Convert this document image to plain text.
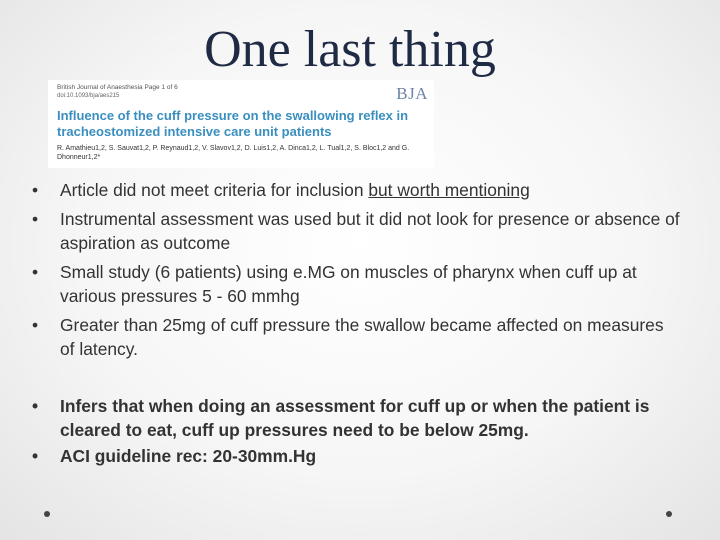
One last thing
British Journal of Anaesthesia Page 1 of 6
doi:10.1093/bja/aes215	BJA
Influence of the cuff pressure on the swallowing reflex in tracheostomized intensive care unit patients
R. Amathieu1,2, S. Sauvat1,2, P. Reynaud1,2, V. Slavov1,2, D. Luis1,2, A. Dinca1,2, L. Tual1,2, S. Bloc1,2 and G. Dhonneur1,2*
• Article did not meet criteria for inclusion but worth mentioning
• Instrumental assessment was used but it did not look for presence or absence of aspiration as outcome
• Small study (6 patients) using e.MG on muscles of pharynx when cuff up at various pressures 5 - 60 mmhg
• Greater than 25mg of cuff pressure the swallow became affected on measures of latency.
• Infers that when doing an assessment for cuff up or when the patient is cleared to eat, cuff up pressures need to be below 25mg.
• ACI guideline rec: 20-30mm.Hg
